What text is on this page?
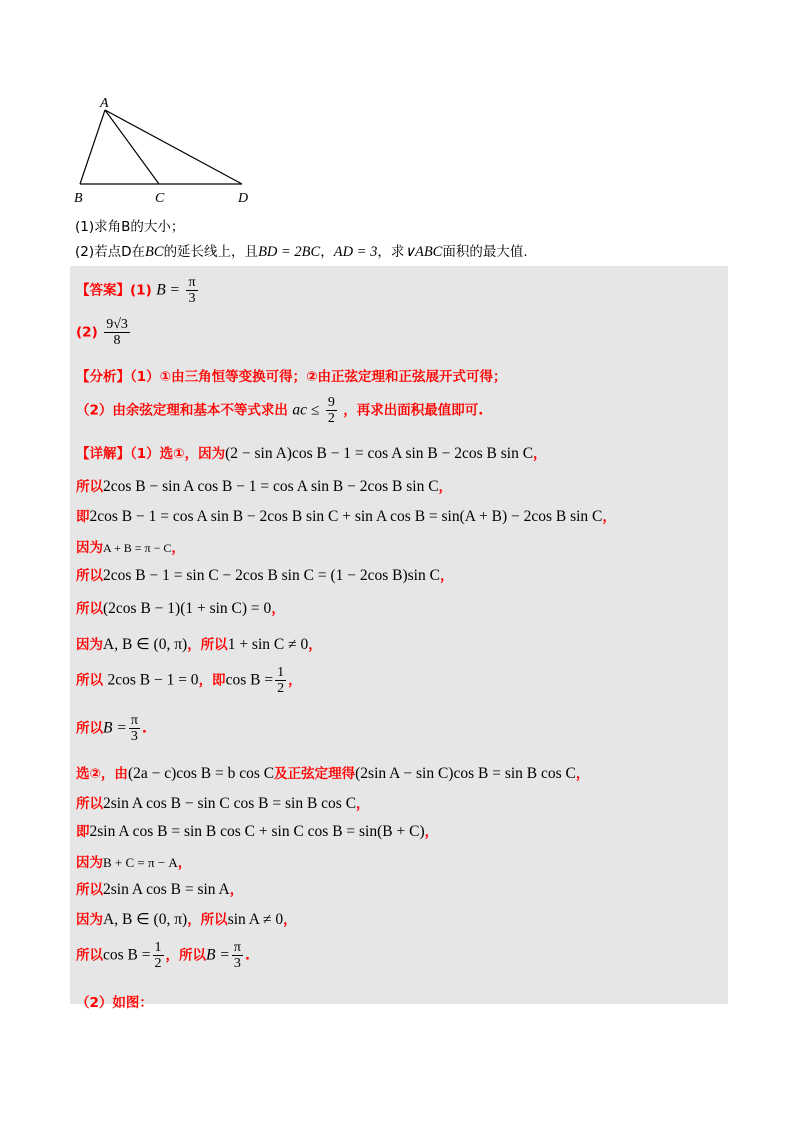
A
B	C	D
(1)求角B的大小；
(2)若点D在BC的延长线上，且BD = 2BC，AD = 3，求∨ABC面积的最大值.
【答案】(1) $B = \frac{\pi}{3}$
$(2) \frac{9√3}{8}$
【分析】（1）①由三角恒等变换可得；②由正弦定理和正弦展开式可得；
（2）由余弦定理和基本不等式求出 ac ≤ $\frac{9}{2}$ ，再求出面积最值即可.
【详解】（1）选①，因为(2 − sin A)cos B − 1 = cos A sin B − 2cos B sin C，
所以2cos B − sin A cos B − 1 = cos A sin B − 2cos B sin C，
即2cos B − 1 = cos A sin B − 2cos B sin C + sin A cos B = sin(A + B) − 2cos B sin C，
因为A + B = π − C，
所以2cos B − 1 = sin C − 2cos B sin C = (1 − 2cos B)sin C，
所以(2cos B − 1)(1 + sin C) = 0，
因为A, B ∈ (0, π)，所以1 + sin C ≠ 0，
所以 2cos B − 1 = 0，即$\cos B = \frac{1}{2}$ ，
所以$B = \frac{\pi}{3}$ .
选②，由(2a − c)cos B = b cos C及正弦定理得(2sin A − sin C)cos B = sin B cos C，
所以2sin A cos B − sin C cos B = sin B cos C，
即2sin A cos B = sin B cos C + sin C cos B = sin(B + C)，
因为B + C = π − A，
所以2sin A cos B = sin A，
因为A, B ∈ (0, π)，所以sin A ≠ 0，
所以$\cos B = \frac{1}{2}$ ，所以$B = \frac{\pi}{3}$ .
（2）如图：
